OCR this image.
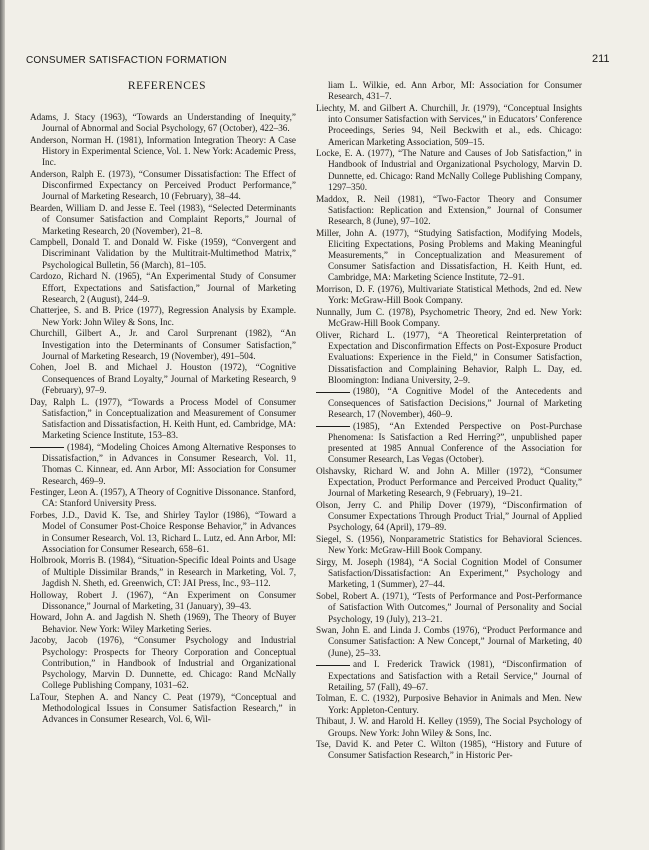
CONSUMER SATISFACTION FORMATION	211
REFERENCES
Adams, J. Stacy (1963), “Towards an Understanding of Inequity,” Journal of Abnormal and Social Psychology, 67 (October), 422–36.
Anderson, Norman H. (1981), Information Integration Theory: A Case History in Experimental Science, Vol. 1. New York: Academic Press, Inc.
Anderson, Ralph E. (1973), “Consumer Dissatisfaction: The Effect of Disconfirmed Expectancy on Perceived Product Performance,” Journal of Marketing Research, 10 (February), 38–44.
Bearden, William D. and Jesse E. Teel (1983), “Selected Determinants of Consumer Satisfaction and Complaint Reports,” Journal of Marketing Research, 20 (November), 21–8.
Campbell, Donald T. and Donald W. Fiske (1959), “Convergent and Discriminant Validation by the Multitrait-Multimethod Matrix,” Psychological Bulletin, 56 (March), 81–105.
Cardozo, Richard N. (1965), “An Experimental Study of Consumer Effort, Expectations and Satisfaction,” Journal of Marketing Research, 2 (August), 244–9.
Chatterjee, S. and B. Price (1977), Regression Analysis by Example. New York: John Wiley & Sons, Inc.
Churchill, Gilbert A., Jr. and Carol Surprenant (1982), “An Investigation into the Determinants of Consumer Satisfaction,” Journal of Marketing Research, 19 (November), 491–504.
Cohen, Joel B. and Michael J. Houston (1972), “Cognitive Consequences of Brand Loyalty,” Journal of Marketing Research, 9 (February), 97–9.
Day, Ralph L. (1977), “Towards a Process Model of Consumer Satisfaction,” in Conceptualization and Measurement of Consumer Satisfaction and Dissatisfaction, H. Keith Hunt, ed. Cambridge, MA: Marketing Science Institute, 153–83.
(1984), “Modeling Choices Among Alternative Responses to Dissatisfaction,” in Advances in Consumer Research, Vol. 11, Thomas C. Kinnear, ed. Ann Arbor, MI: Association for Consumer Research, 469–9.
Festinger, Leon A. (1957), A Theory of Cognitive Dissonance. Stanford, CA: Stanford University Press.
Forbes, J.D., David K. Tse, and Shirley Taylor (1986), “Toward a Model of Consumer Post-Choice Response Behavior,” in Advances in Consumer Research, Vol. 13, Richard L. Lutz, ed. Ann Arbor, MI: Association for Consumer Research, 658–61.
Holbrook, Morris B. (1984), “Situation-Specific Ideal Points and Usage of Multiple Dissimilar Brands,” in Research in Marketing, Vol. 7, Jagdish N. Sheth, ed. Greenwich, CT: JAI Press, Inc., 93–112.
Holloway, Robert J. (1967), “An Experiment on Consumer Dissonance,” Journal of Marketing, 31 (January), 39–43.
Howard, John A. and Jagdish N. Sheth (1969), The Theory of Buyer Behavior. New York: Wiley Marketing Series.
Jacoby, Jacob (1976), “Consumer Psychology and Industrial Psychology: Prospects for Theory Corporation and Conceptual Contribution,” in Handbook of Industrial and Organizational Psychology, Marvin D. Dunnette, ed. Chicago: Rand McNally College Publishing Company, 1031–62.
LaTour, Stephen A. and Nancy C. Peat (1979), “Conceptual and Methodological Issues in Consumer Satisfaction Research,” in Advances in Consumer Research, Vol. 6, Wil-
liam L. Wilkie, ed. Ann Arbor, MI: Association for Consumer Research, 431–7.
Liechty, M. and Gilbert A. Churchill, Jr. (1979), “Conceptual Insights into Consumer Satisfaction with Services,” in Educators’ Conference Proceedings, Series 94, Neil Beckwith et al., eds. Chicago: American Marketing Association, 509–15.
Locke, E. A. (1977), “The Nature and Causes of Job Satisfaction,” in Handbook of Industrial and Organizational Psychology, Marvin D. Dunnette, ed. Chicago: Rand McNally College Publishing Company, 1297–350.
Maddox, R. Neil (1981), “Two-Factor Theory and Consumer Satisfaction: Replication and Extension,” Journal of Consumer Research, 8 (June), 97–102.
Miller, John A. (1977), “Studying Satisfaction, Modifying Models, Eliciting Expectations, Posing Problems and Making Meaningful Measurements,” in Conceptualization and Measurement of Consumer Satisfaction and Dissatisfaction, H. Keith Hunt, ed. Cambridge, MA: Marketing Science Institute, 72–91.
Morrison, D. F. (1976), Multivariate Statistical Methods, 2nd ed. New York: McGraw-Hill Book Company.
Nunnally, Jum C. (1978), Psychometric Theory, 2nd ed. New York: McGraw-Hill Book Company.
Oliver, Richard L. (1977), “A Theoretical Reinterpretation of Expectation and Disconfirmation Effects on Post-Exposure Product Evaluations: Experience in the Field,” in Consumer Satisfaction, Dissatisfaction and Complaining Behavior, Ralph L. Day, ed. Bloomington: Indiana University, 2–9.
(1980), “A Cognitive Model of the Antecedents and Consequences of Satisfaction Decisions,” Journal of Marketing Research, 17 (November), 460–9.
(1985), “An Extended Perspective on Post-Purchase Phenomena: Is Satisfaction a Red Herring?”, unpublished paper presented at 1985 Annual Conference of the Association for Consumer Research, Las Vegas (October).
Olshavsky, Richard W. and John A. Miller (1972), “Consumer Expectation, Product Performance and Perceived Product Quality,” Journal of Marketing Research, 9 (February), 19–21.
Olson, Jerry C. and Philip Dover (1979), “Disconfirmation of Consumer Expectations Through Product Trial,” Journal of Applied Psychology, 64 (April), 179–89.
Siegel, S. (1956), Nonparametric Statistics for Behavioral Sciences. New York: McGraw-Hill Book Company.
Sirgy, M. Joseph (1984), “A Social Cognition Model of Consumer Satisfaction/Dissatisfaction: An Experiment,” Psychology and Marketing, 1 (Summer), 27–44.
Sobel, Robert A. (1971), “Tests of Performance and Post-Performance of Satisfaction With Outcomes,” Journal of Personality and Social Psychology, 19 (July), 213–21.
Swan, John E. and Linda J. Combs (1976), “Product Performance and Consumer Satisfaction: A New Concept,” Journal of Marketing, 40 (June), 25–33.
and I. Frederick Trawick (1981), “Disconfirmation of Expectations and Satisfaction with a Retail Service,” Journal of Retailing, 57 (Fall), 49–67.
Tolman, E. C. (1932), Purposive Behavior in Animals and Men. New York: Appleton-Century.
Thibaut, J. W. and Harold H. Kelley (1959), The Social Psychology of Groups. New York: John Wiley & Sons, Inc.
Tse, David K. and Peter C. Wilton (1985), “History and Future of Consumer Satisfaction Research,” in Historic Per-
